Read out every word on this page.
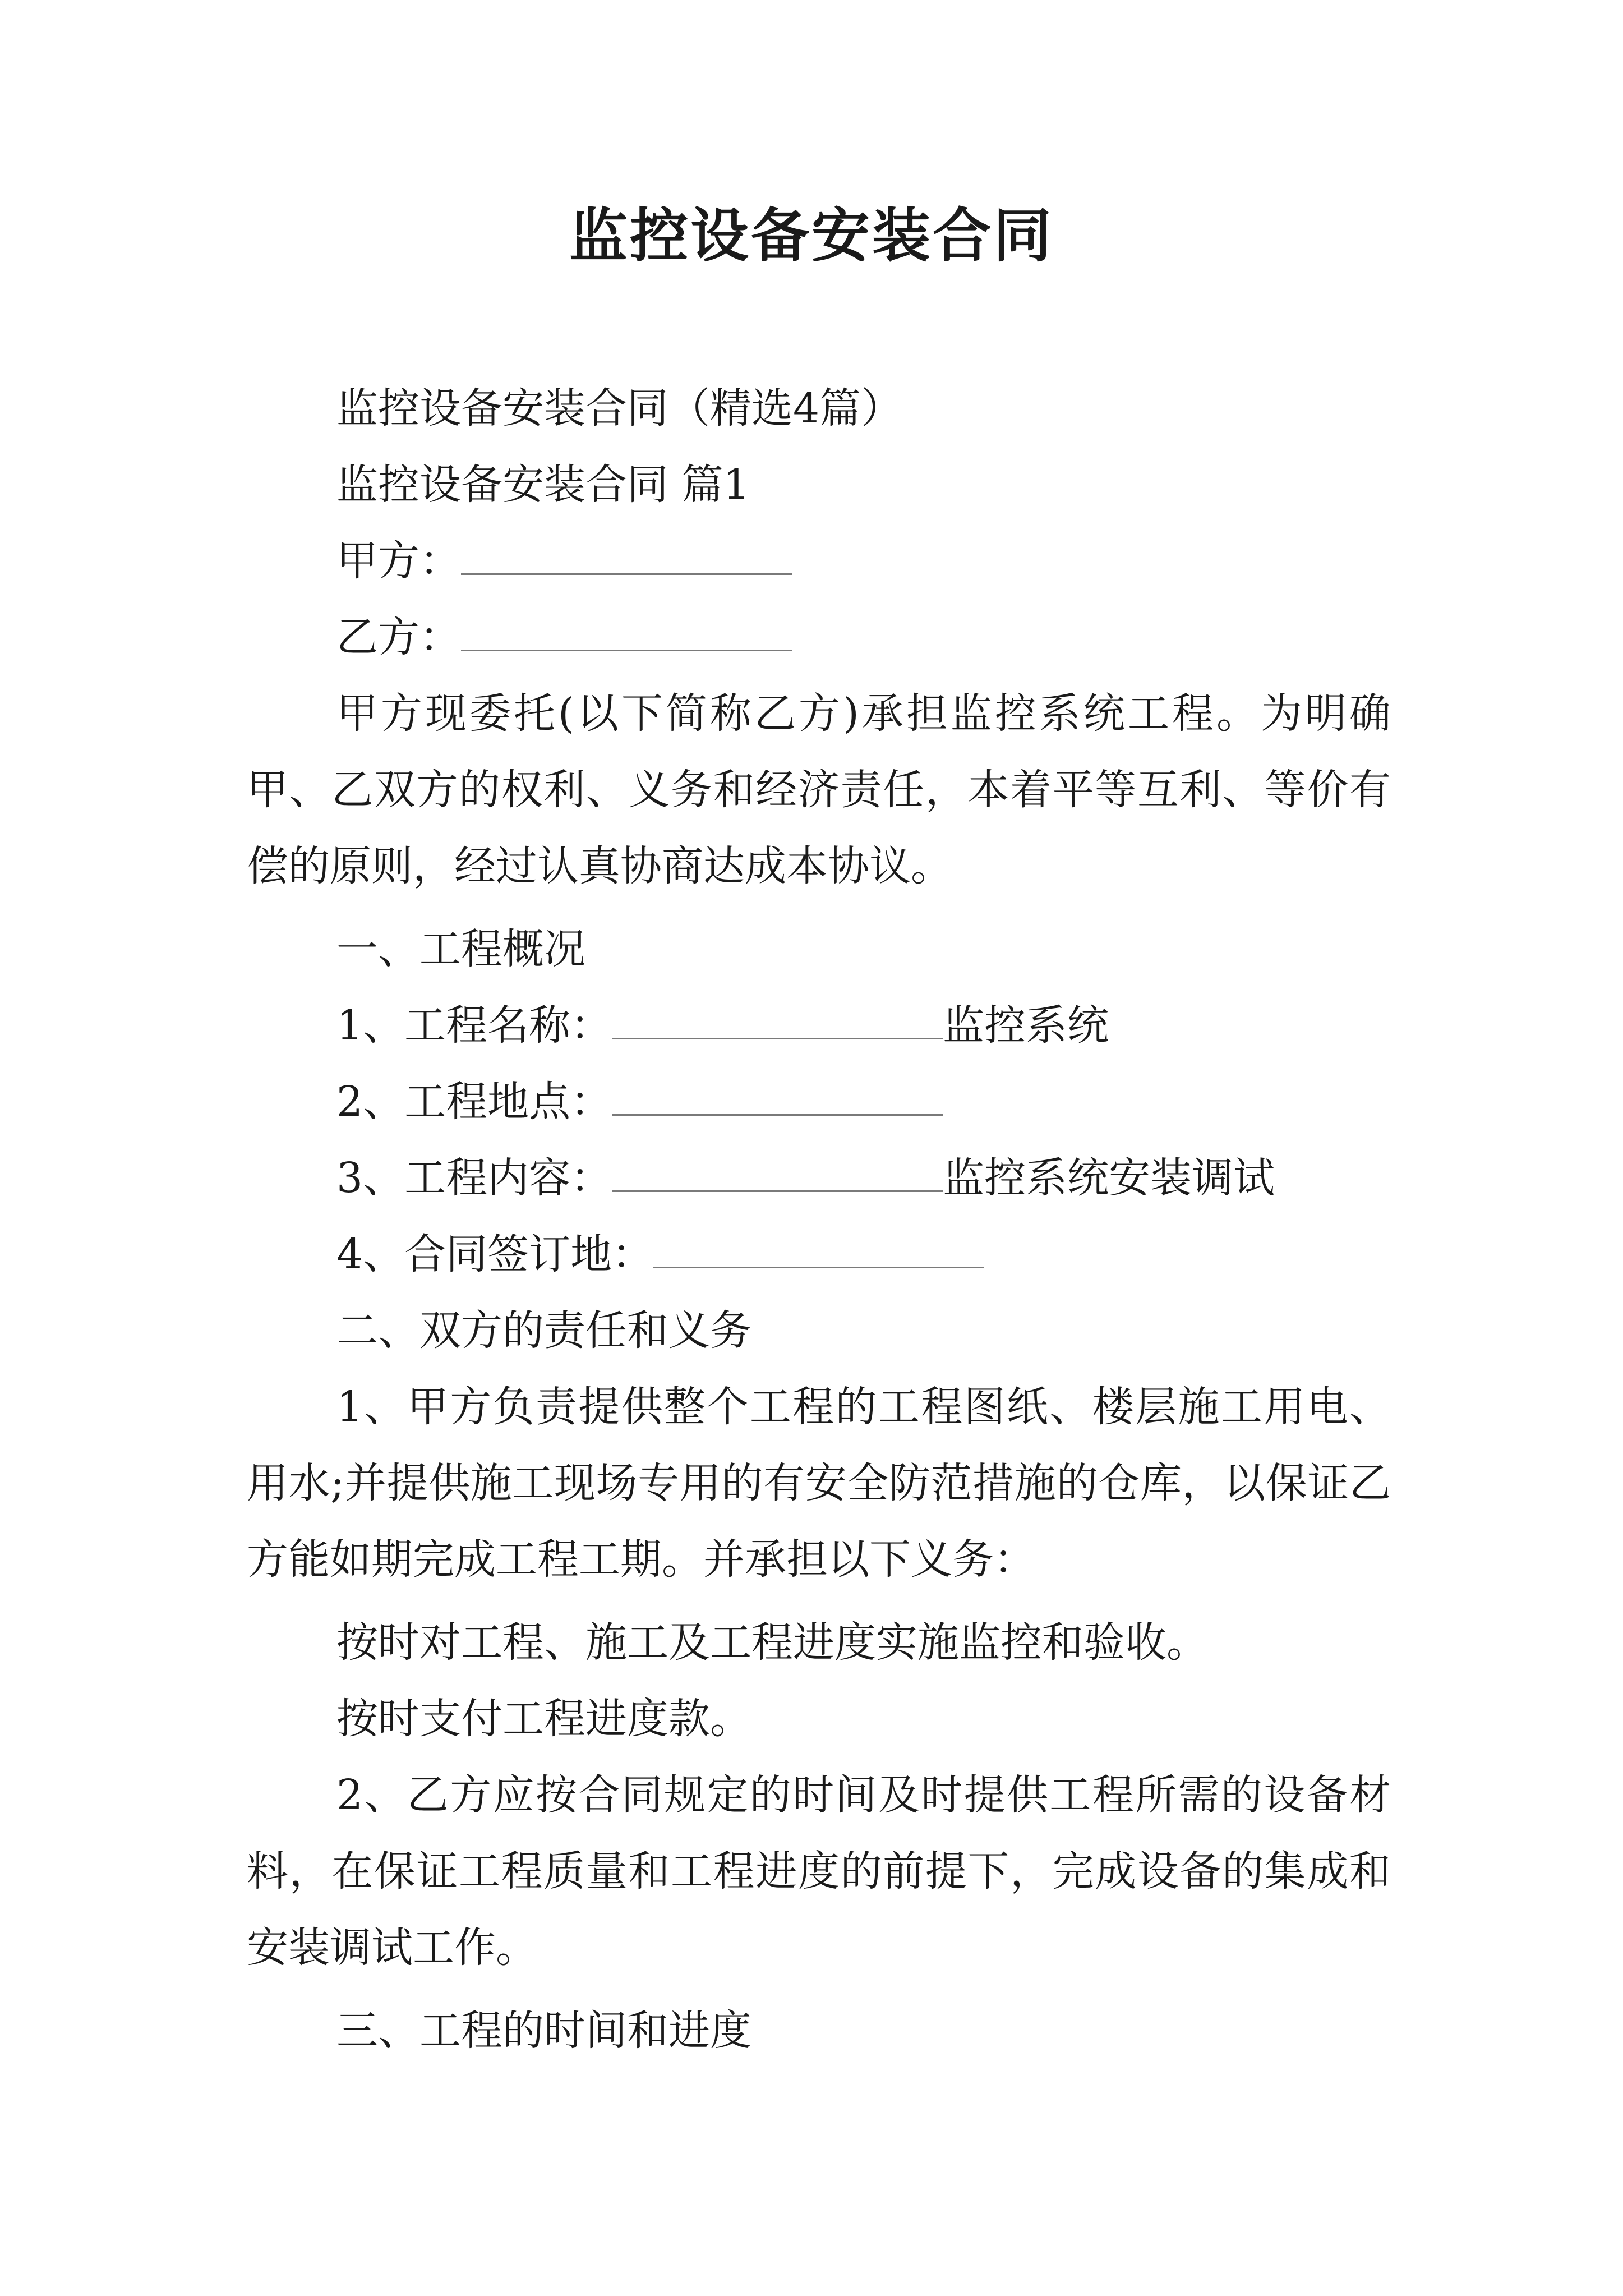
监控设备安装合同
监控设备安装合同（精选4篇）
监控设备安装合同 篇1
甲方：
乙方：
甲方现委托(以下简称乙方)承担监控系统工程。为明确甲、乙双方的权利、义务和经济责任，本着平等互利、等价有偿的原则，经过认真协商达成本协议。
一、工程概况
1、工程名称：	监控系统
2、工程地点：
3、工程内容：	监控系统安装调试
4、合同签订地：
二、双方的责任和义务
1、甲方负责提供整个工程的工程图纸、楼层施工用电、用水;并提供施工现场专用的有安全防范措施的仓库，以保证乙方能如期完成工程工期。并承担以下义务：
按时对工程、施工及工程进度实施监控和验收。
按时支付工程进度款。
2、乙方应按合同规定的时间及时提供工程所需的设备材料，在保证工程质量和工程进度的前提下，完成设备的集成和安装调试工作。
三、工程的时间和进度
